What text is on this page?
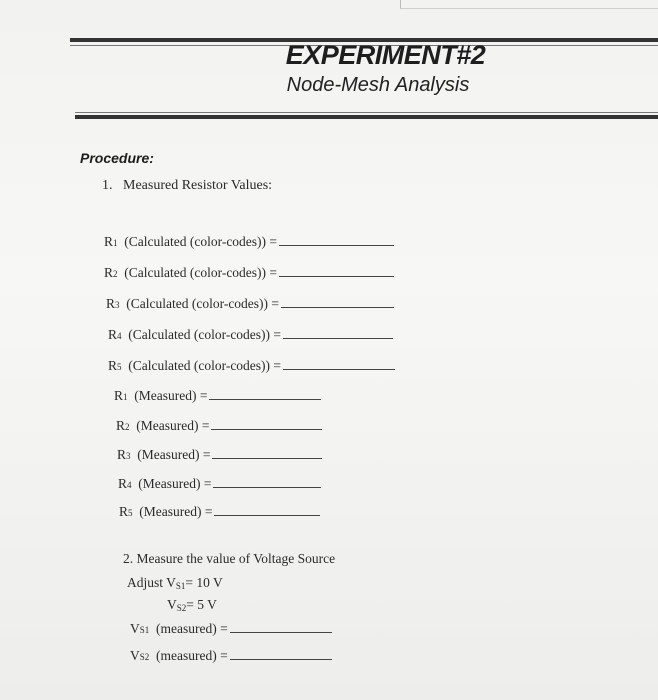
EXPERIMENT#2
Node-Mesh Analysis
Procedure:
1. Measured Resistor Values:
R 1 (Calculated (color-codes)) =
R 2 (Calculated (color-codes)) =
R 3 (Calculated (color-codes)) =
R 4 (Calculated (color-codes)) =
R 5 (Calculated (color-codes)) =
R 1 (Measured) =
R 2 (Measured) =
R 3 (Measured) =
R 4 (Measured) =
R 5 (Measured) =
2. Measure the value of Voltage Source
Adjust $V_{S1}= 10$ V
$V_{S2}= 5$ V
V S1 (measured) =
V S2 (measured) =
